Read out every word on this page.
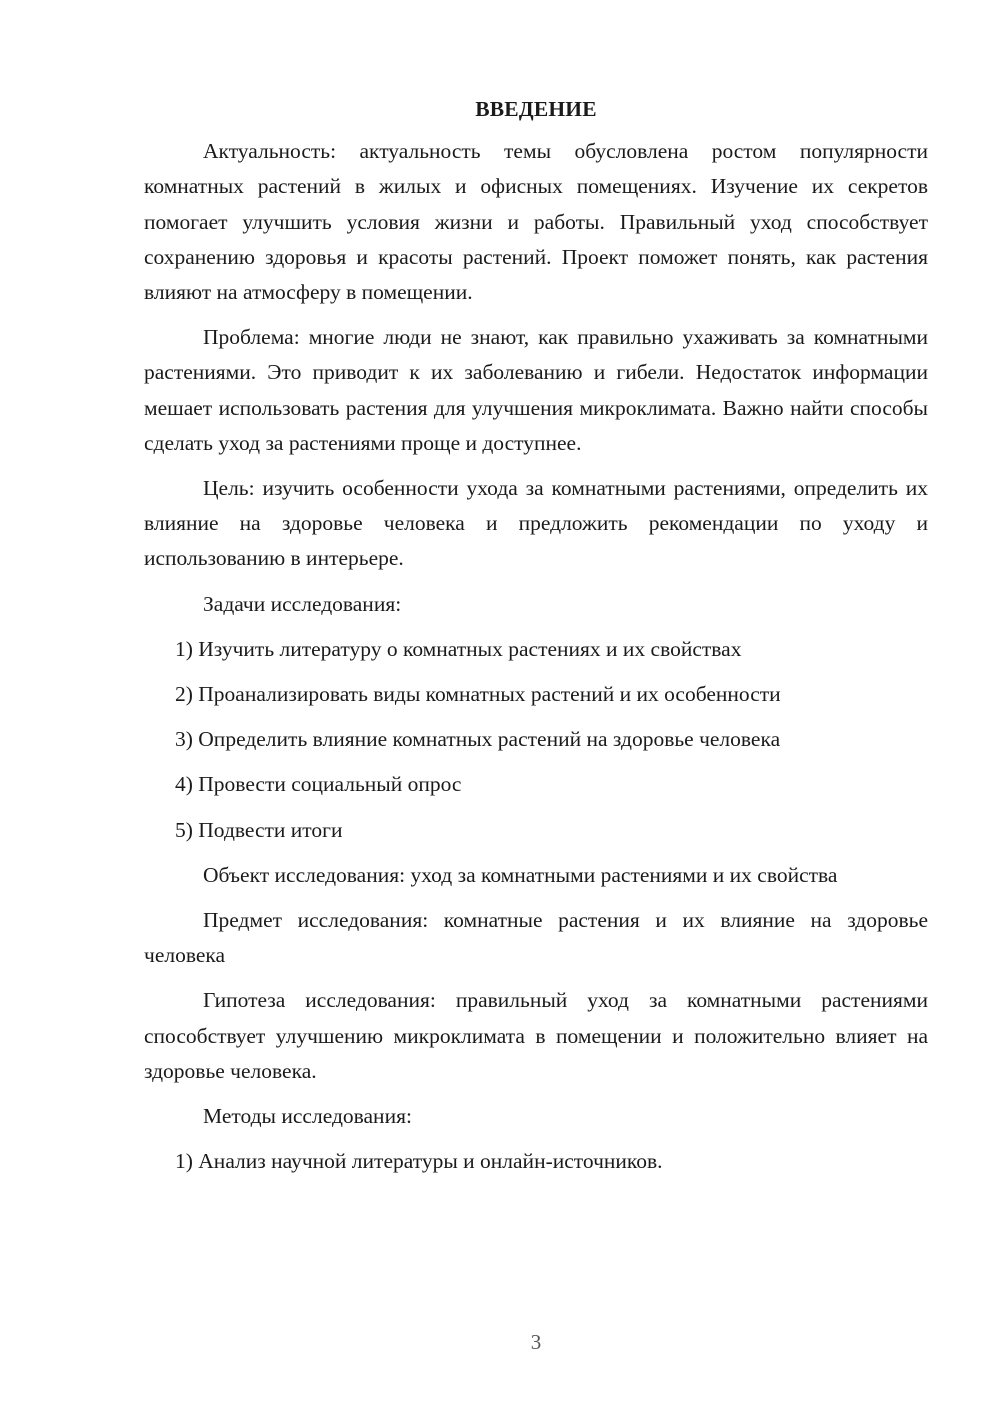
ВВЕДЕНИЕ

Актуальность: актуальность темы обусловлена ростом популярности комнатных растений в жилых и офисных помещениях. Изучение их секретов помогает улучшить условия жизни и работы. Правильный уход способствует сохранению здоровья и красоты растений. Проект поможет понять, как растения влияют на атмосферу в помещении.

Проблема: многие люди не знают, как правильно ухаживать за комнатными растениями. Это приводит к их заболеванию и гибели. Недостаток информации мешает использовать растения для улучшения микроклимата. Важно найти способы сделать уход за растениями проще и доступнее.

Цель: изучить особенности ухода за комнатными растениями, определить их влияние на здоровье человека и предложить рекомендации по уходу и использованию в интерьере.

Задачи исследования:

1) Изучить литературу о комнатных растениях и их свойствах

2) Проанализировать виды комнатных растений и их особенности

3) Определить влияние комнатных растений на здоровье человека

4) Провести социальный опрос

5) Подвести итоги

Объект исследования: уход за комнатными растениями и их свойства

Предмет исследования: комнатные растения и их влияние на здоровье человека

Гипотеза исследования: правильный уход за комнатными растениями способствует улучшению микроклимата в помещении и положительно влияет на здоровье человека.

Методы исследования:

1) Анализ научной литературы и онлайн-источников.

3
